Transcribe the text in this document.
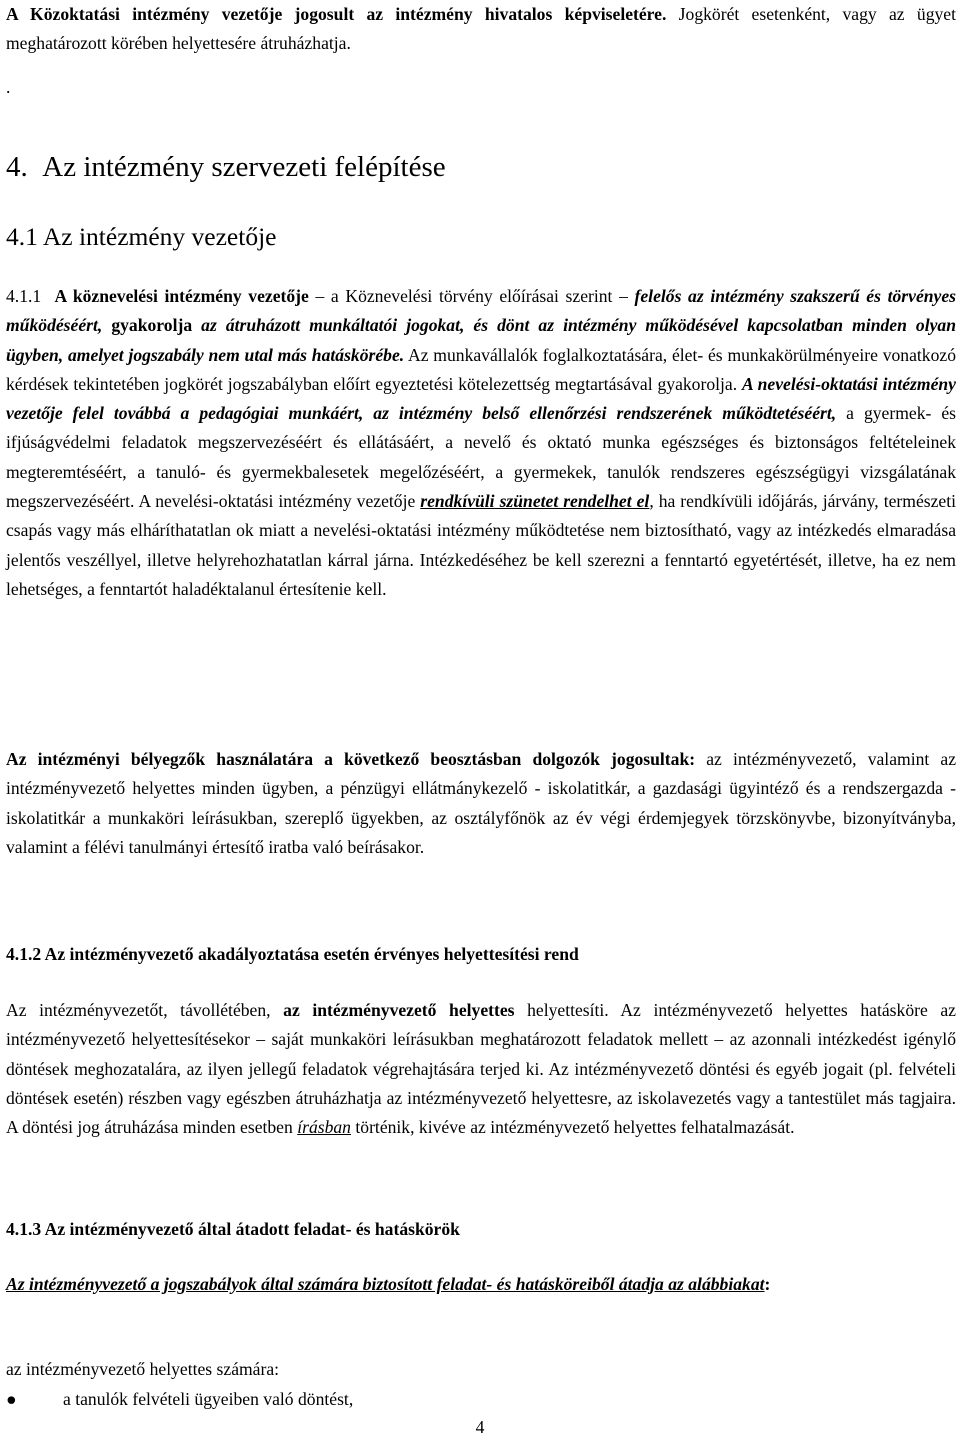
A Közoktatási intézmény vezetője jogosult az intézmény hivatalos képviseletére. Jogkörét esetenként, vagy az ügyet meghatározott körében helyettesére átruházhatja.

.
4. Az intézmény szervezeti felépítése
4.1 Az intézmény vezetője

4.1.1 A köznevelési intézmény vezetője – a Köznevelési törvény előírásai szerint – felelős az intézmény szakszerű és törvényes működéséért, gyakorolja az átruházott munkáltatói jogokat, és dönt az intézmény működésével kapcsolatban minden olyan ügyben, amelyet jogszabály nem utal más hatáskörébe. Az munkavállalók foglalkoztatására, élet- és munkakörülményeire vonatkozó kérdések tekintetében jogkörét jogszabályban előírt egyeztetési kötelezettség megtartásával gyakorolja. A nevelési-oktatási intézmény vezetője felel továbbá a pedagógiai munkáért, az intézmény belső ellenőrzési rendszerének működtetéséért, a gyermek- és ifjúságvédelmi feladatok megszervezéséért és ellátásáért, a nevelő és oktató munka egészséges és biztonságos feltételeinek megteremtéséért, a tanuló- és gyermekbalesetek megelőzéséért, a gyermekek, tanulók rendszeres egészségügyi vizsgálatának megszervezéséért. A nevelési-oktatási intézmény vezetője rendkívüli szünetet rendelhet el, ha rendkívüli időjárás, járvány, természeti csapás vagy más elháríthatatlan ok miatt a nevelési-oktatási intézmény működtetése nem biztosítható, vagy az intézkedés elmaradása jelentős veszéllyel, illetve helyrehozhatatlan kárral járna. Intézkedéséhez be kell szerezni a fenntartó egyetértését, illetve, ha ez nem lehetséges, a fenntartót haladéktalanul értesítenie kell.

Az intézményi bélyegzők használatára a következő beosztásban dolgozók jogosultak: az intézményvezető, valamint az intézményvezető helyettes minden ügyben, a pénzügyi ellátmánykezelő - iskolatitkár, a gazdasági ügyintéző és a rendszergazda - iskolatitkár a munkaköri leírásukban, szereplő ügyekben, az osztályfőnök az év végi érdemjegyek törzskönyvbe, bizonyítványba, valamint a félévi tanulmányi értesítő iratba való beírásakor.

4.1.2 Az intézményvezető akadályoztatása esetén érvényes helyettesítési rend

Az intézményvezetőt, távollétében, az intézményvezető helyettes helyettesíti. Az intézményvezető helyettes hatásköre az intézményvezető helyettesítésekor – saját munkaköri leírásukban meghatározott feladatok mellett – az azonnali intézkedést igénylő döntések meghozatalára, az ilyen jellegű feladatok végrehajtására terjed ki. Az intézményvezető döntési és egyéb jogait (pl. felvételi döntések esetén) részben vagy egészben átruházhatja az intézményvezető helyettesre, az iskolavezetés vagy a tantestület más tagjaira. A döntési jog átruházása minden esetben írásban történik, kivéve az intézményvezető helyettes felhatalmazását.

4.1.3 Az intézményvezető által átadott feladat- és hatáskörök

Az intézményvezető a jogszabályok által számára biztosított feladat- és hatásköreiből átadja az alábbiakat:

az intézményvezető helyettes számára:
●	a tanulók felvételi ügyeiben való döntést,
4
